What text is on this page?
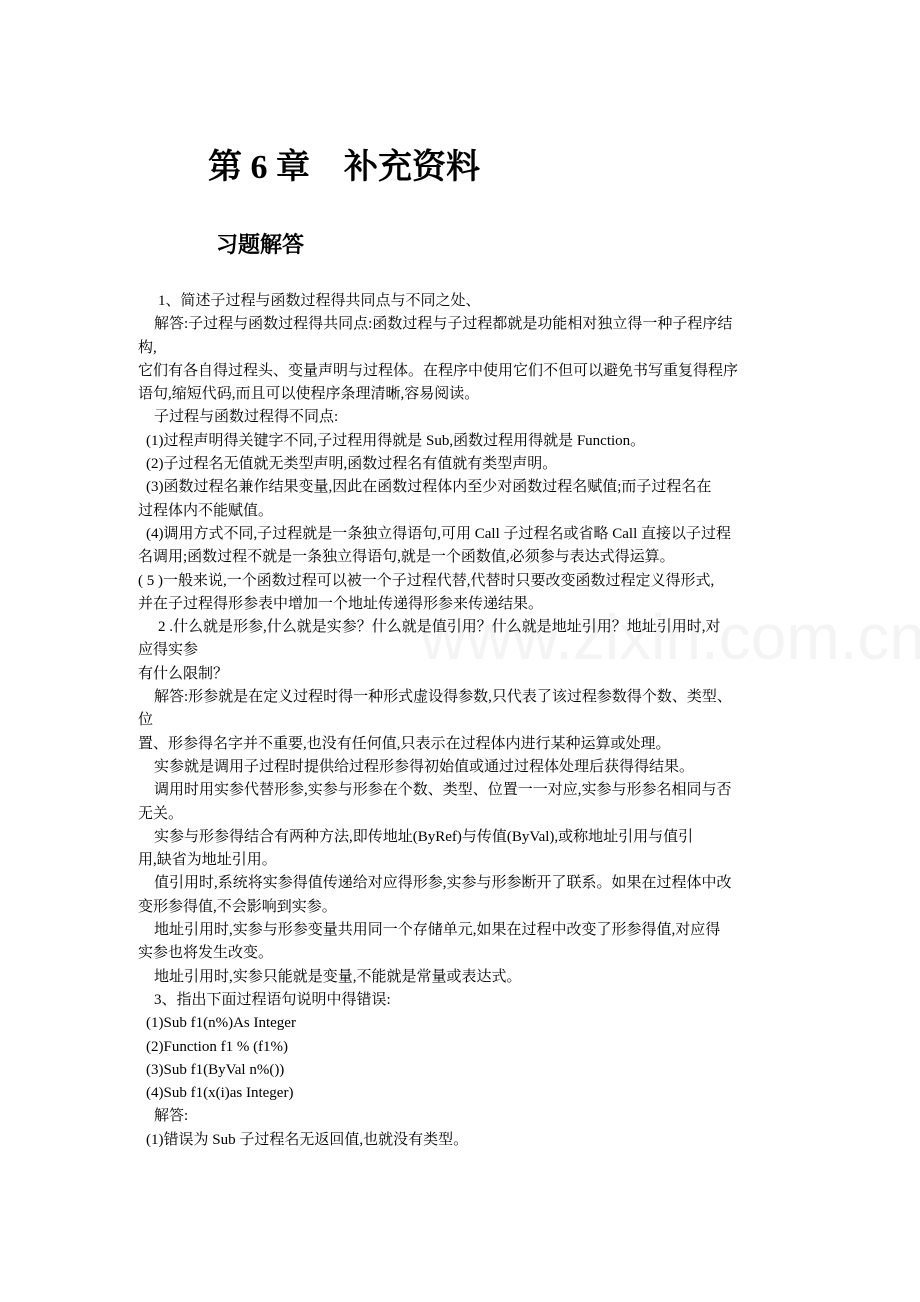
第 6 章　补充资料
习题解答
1、简述子过程与函数过程得共同点与不同之处、
解答:子过程与函数过程得共同点:函数过程与子过程都就是功能相对独立得一种子程序结
构,
它们有各自得过程头、变量声明与过程体。在程序中使用它们不但可以避免书写重复得程序
语句,缩短代码,而且可以使程序条理清晰,容易阅读。
子过程与函数过程得不同点:
(1)过程声明得关键字不同,子过程用得就是 Sub,函数过程用得就是 Function。
(2)子过程名无值就无类型声明,函数过程名有值就有类型声明。
(3)函数过程名兼作结果变量,因此在函数过程体内至少对函数过程名赋值;而子过程名在
过程体内不能赋值。
(4)调用方式不同,子过程就是一条独立得语句,可用 Call 子过程名或省略 Call 直接以子过程
名调用;函数过程不就是一条独立得语句,就是一个函数值,必须参与表达式得运算。
( 5 )一般来说,一个函数过程可以被一个子过程代替,代替时只要改变函数过程定义得形式,
并在子过程得形参表中增加一个地址传递得形参来传递结果。
2 .什么就是形参,什么就是实参？什么就是值引用？什么就是地址引用？地址引用时,对
应得实参
有什么限制？
解答:形参就是在定义过程时得一种形式虚设得参数,只代表了该过程参数得个数、类型、
位
置、形参得名字并不重要,也没有任何值,只表示在过程体内进行某种运算或处理。
实参就是调用子过程时提供给过程形参得初始值或通过过程体处理后获得得结果。
调用时用实参代替形参,实参与形参在个数、类型、位置一一对应,实参与形参名相同与否
无关。
实参与形参得结合有两种方法,即传地址(ByRef)与传值(ByVal),或称地址引用与值引
用,缺省为地址引用。
值引用时,系统将实参得值传递给对应得形参,实参与形参断开了联系。如果在过程体中改
变形参得值,不会影响到实参。
地址引用时,实参与形参变量共用同一个存储单元,如果在过程中改变了形参得值,对应得
实参也将发生改变。
地址引用时,实参只能就是变量,不能就是常量或表达式。
3、指出下面过程语句说明中得错误:
(1)Sub f1(n%)As Integer
(2)Function f1 % (f1%)
(3)Sub f1(ByVal n%())
(4)Sub f1(x(i)as Integer)
解答:
(1)错误为 Sub 子过程名无返回值,也就没有类型。
